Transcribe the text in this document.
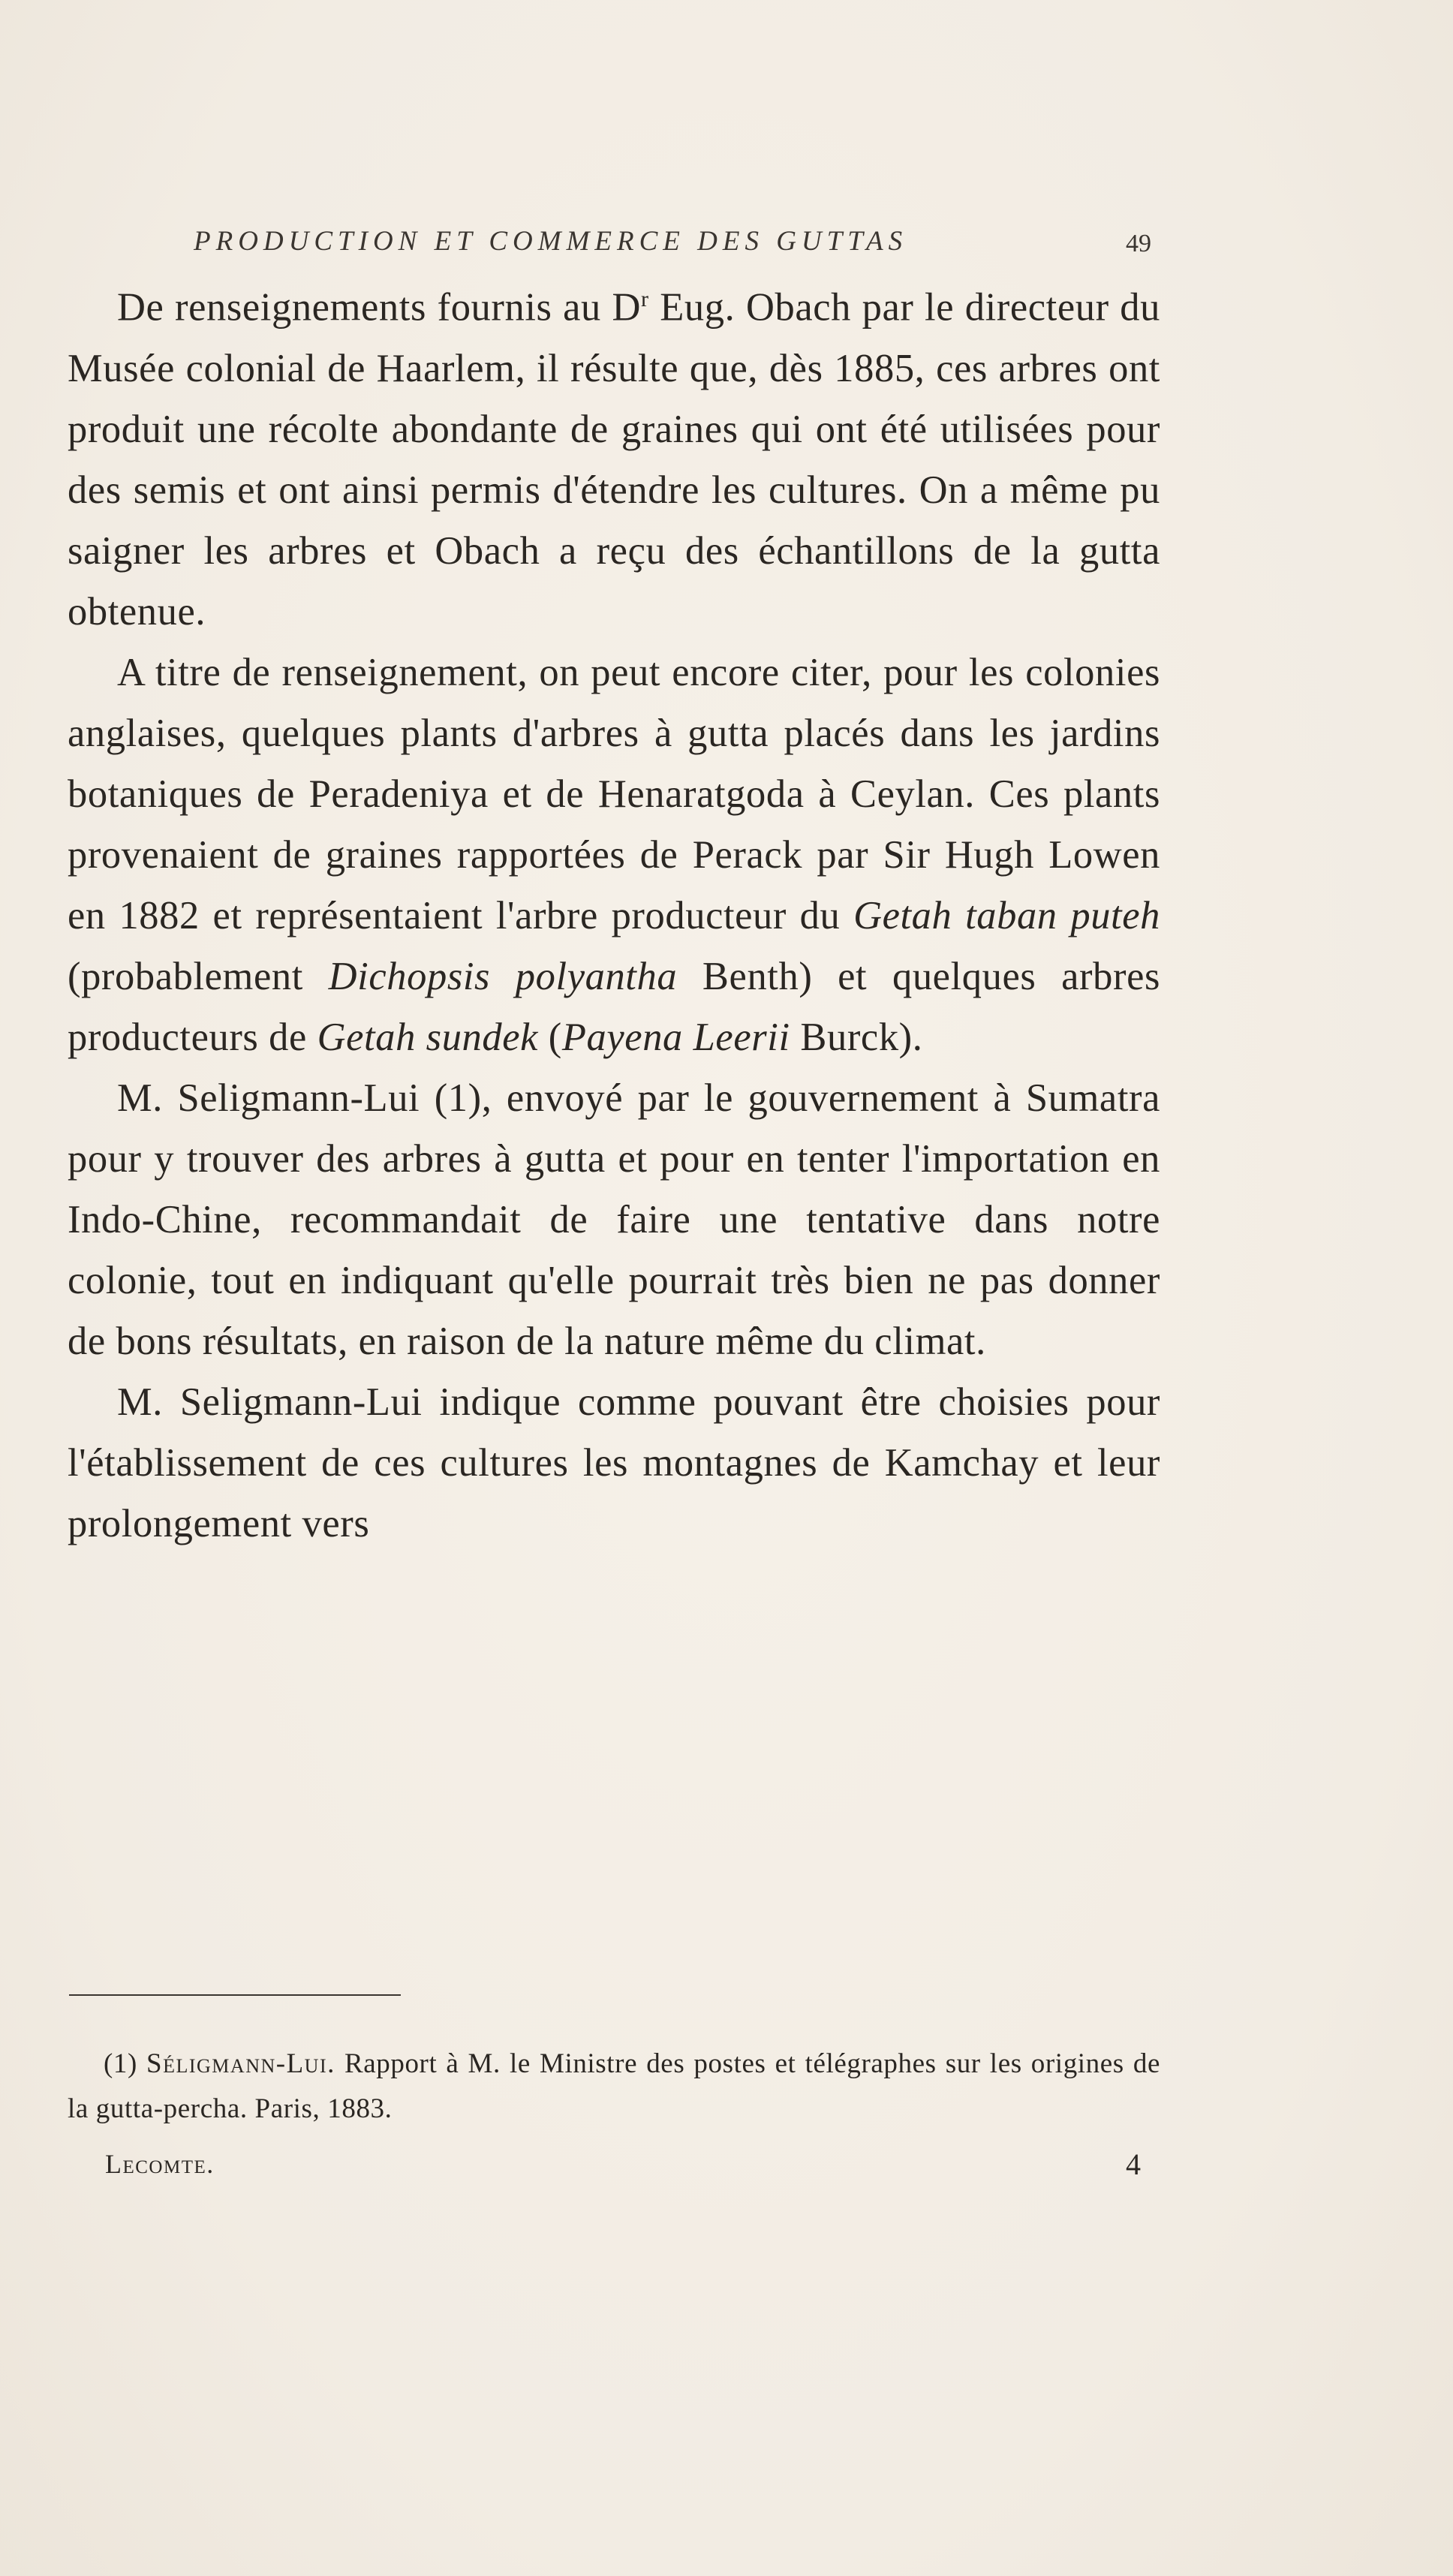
PRODUCTION ET COMMERCE DES GUTTAS	49

De renseignements fournis au $D^r$ Eug. Obach par le directeur du Musée colonial de Haarlem, il résulte que, dès 1885, ces arbres ont produit une récolte abondante de graines qui ont été utilisées pour des semis et ont ainsi permis d'étendre les cultures. On a même pu saigner les arbres et Obach a reçu des échantillons de la gutta obtenue.

A titre de renseignement, on peut encore citer, pour les colonies anglaises, quelques plants d'arbres à gutta placés dans les jardins botaniques de Peradeniya et de Henaratgoda à Ceylan. Ces plants provenaient de graines rapportées de Perack par Sir Hugh Lowen en 1882 et représentaient l'arbre producteur du Getah taban puteh (probablement Dichopsis polyantha Benth) et quelques arbres producteurs de Getah sundek (Payena Leerii Burck).

M. Seligmann-Lui (1), envoyé par le gouvernement à Sumatra pour y trouver des arbres à gutta et pour en tenter l'importation en Indo-Chine, recommandait de faire une tentative dans notre colonie, tout en indiquant qu'elle pourrait très bien ne pas donner de bons résultats, en raison de la nature même du climat.

M. Seligmann-Lui indique comme pouvant être choisies pour l'établissement de ces cultures les montagnes de Kamchay et leur prolongement vers

(1) Séligmann-Lui. Rapport à M. le Ministre des postes et télégraphes sur les origines de la gutta-percha. Paris, 1883.

Lecomte.	4
